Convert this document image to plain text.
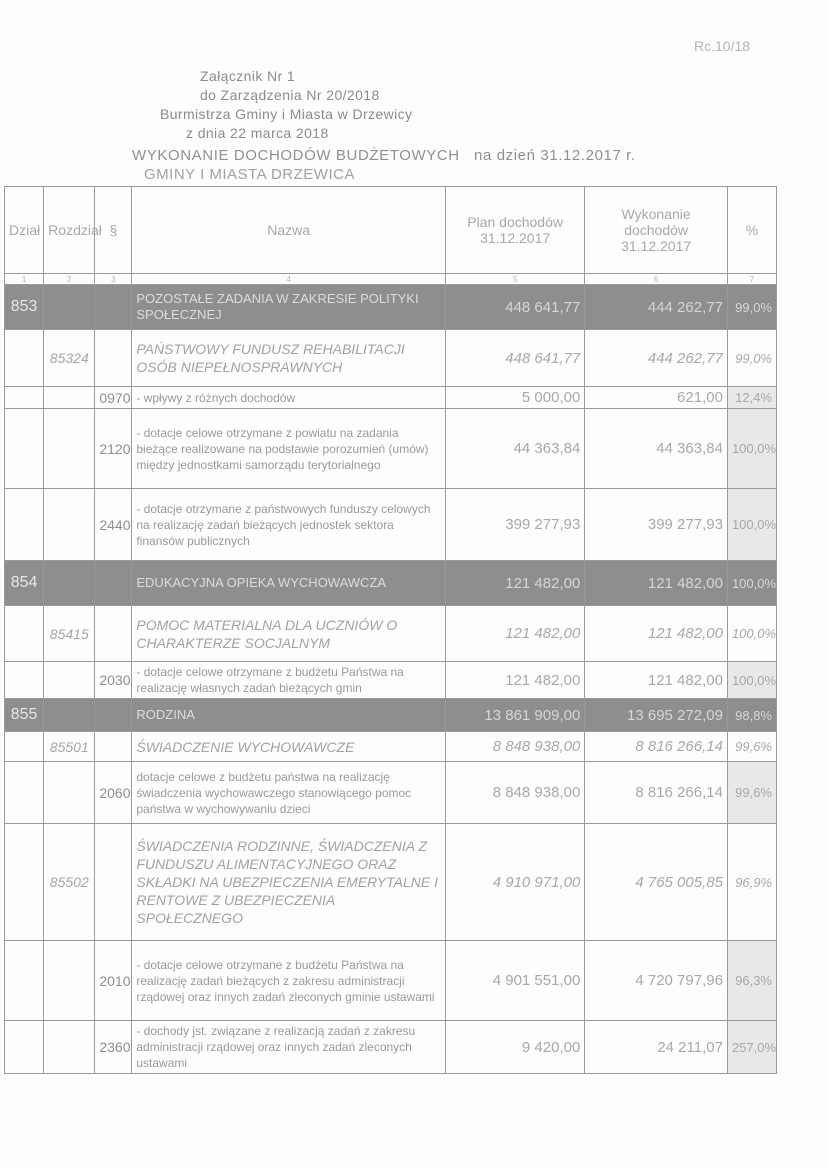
Rc.10/18
Załącznik Nr 1
do Zarządzenia Nr 20/2018
Burmistrza Gminy i Miasta w Drzewicy
z dnia 22 marca 2018
WYKONANIE DOCHODÓW BUDŻETOWYCH na dzień 31.12.2017 r.
GMINY I MIASTA DRZEWICA
Dział	Rozdział	§	Nazwa	Plan dochodów 31.12.2017	Wykonanie dochodów 31.12.2017	%
1	2	3	4	5	6	7
853			POZOSTAŁE ZADANIA W ZAKRESIE POLITYKI SPOŁECZNEJ	448 641,77	444 262,77	99,0%
	85324		PAŃSTWOWY FUNDUSZ REHABILITACJI OSÓB NIEPEŁNOSPRAWNYCH	448 641,77	444 262,77	99,0%
		0970	- wpływy z różnych dochodów	5 000,00	621,00	12,4%
		2120	- dotacje celowe otrzymane z powiatu na zadania bieżące realizowane na podstawie porozumień (umów) między jednostkami samorządu terytorialnego	44 363,84	44 363,84	100,0%
		2440	- dotacje otrzymane z państwowych funduszy celowych na realizację zadań bieżących jednostek sektora finansów publicznych	399 277,93	399 277,93	100,0%
854			EDUKACYJNA OPIEKA WYCHOWAWCZA	121 482,00	121 482,00	100,0%
	85415		POMOC MATERIALNA DLA UCZNIÓW O CHARAKTERZE SOCJALNYM	121 482,00	121 482,00	100,0%
		2030	- dotacje celowe otrzymane z budżetu Państwa na realizację własnych zadań bieżących gmin	121 482,00	121 482,00	100,0%
855			RODZINA	13 861 909,00	13 695 272,09	98,8%
	85501		ŚWIADCZENIE WYCHOWAWCZE	8 848 938,00	8 816 266,14	99,6%
		2060	dotacje celowe z budżetu państwa na realizację świadczenia wychowawczego stanowiącego pomoc państwa w wychowywaniu dzieci	8 848 938,00	8 816 266,14	99,6%
	85502		ŚWIADCZENIA RODZINNE, ŚWIADCZENIA Z FUNDUSZU ALIMENTACYJNEGO ORAZ SKŁADKI NA UBEZPIECZENIA EMERYTALNE I RENTOWE Z UBEZPIECZENIA SPOŁECZNEGO	4 910 971,00	4 765 005,85	96,9%
		2010	- dotacje celowe otrzymane z budżetu Państwa na realizację zadań bieżących z zakresu administracji rządowej oraz innych zadań zleconych gminie ustawami	4 901 551,00	4 720 797,96	96,3%
		2360	- dochody jst. związane z realizacją zadań z zakresu administracji rządowej oraz innych zadań zleconych ustawami	9 420,00	24 211,07	257,0%
